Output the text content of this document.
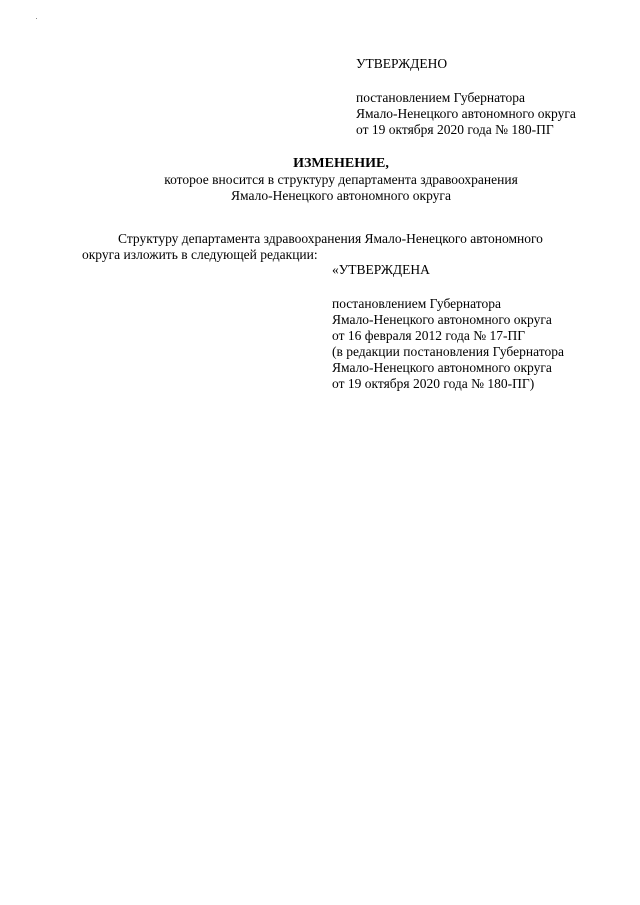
УТВЕРЖДЕНО
постановлением Губернатора
Ямало-Ненецкого автономного округа
от 19 октября 2020 года № 180-ПГ
ИЗМЕНЕНИЕ,
которое вносится в структуру департамента здравоохранения
Ямало-Ненецкого автономного округа
Структуру департамента здравоохранения Ямало-Ненецкого автономного
округа изложить в следующей редакции:
«УТВЕРЖДЕНА
постановлением Губернатора
Ямало-Ненецкого автономного округа
от 16 февраля 2012 года № 17-ПГ
(в редакции постановления Губернатора
Ямало-Ненецкого автономного округа
от 19 октября 2020 года № 180-ПГ)
